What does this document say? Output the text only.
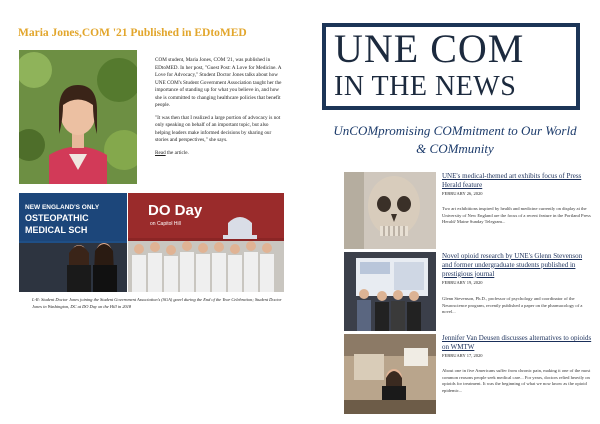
Maria Jones,COM '21 Published in EDtoMED

COM student, Maria Jones, COM '21, was published in EDtoMED. In her post, "Guest Post: A Love for Medicine. A Love for Advocacy," Student Doctor Jones talks about how UNE COM's Student Government Association taught her the importance of standing up for what you believe in, and how she is committed to changing healthcare policies that benefit people.

"It was then that I realized a large portion of advocacy is not only speaking on behalf of an important topic, but also helping leaders make informed decisions by sharing our stories and perspectives," she says.

Read the article.

NEW ENGLAND'S ONLY
OSTEOPATHIC
MEDICAL SCH
DO Day
on Capitol Hill
L-R: Student Doctor Jones joining the Student Government Association's (SGA) gavel during the End of the Year Celebration; Student Doctor Jones in Washington, DC at DO Day on the Hill in 2018
UNE COM
IN THE NEWS
UnCOMpromising COMmitment to Our World & COMmunity
UNE's medical-themed art exhibits focus of Press Herald feature
FEBRUARY 26, 2020
Two art exhibitions inspired by health and medicine currently on display at the University of New England are the focus of a recent feature in the Portland Press Herald/ Maine Sunday Telegram...
Novel opioid research by UNE's Glenn Stevenson and former undergraduate students published in prestigious journal
FEBRUARY 19, 2020
Glenn Stevenson, Ph.D., professor of psychology and coordinator of the Neuroscience program, recently published a paper on the pharmacology of a novel...
Jennifer Van Deusen discusses alternatives to opioids on WMTW
FEBRUARY 17, 2020
About one in five Americans suffer from chronic pain, making it one of the most common reasons people seek medical care... For years, doctors relied heavily on opioids for treatment. It was the beginning of what we now know as the opioid epidemic...
